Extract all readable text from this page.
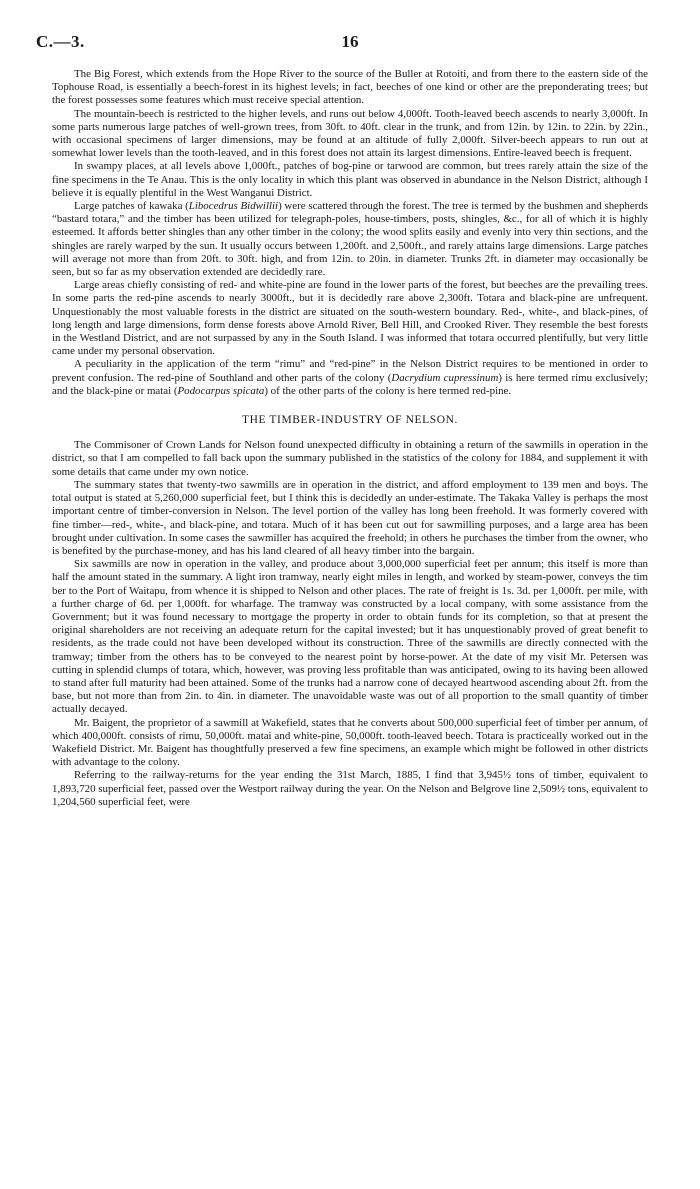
C.—3.	16

The Big Forest, which extends from the Hope River to the source of the Buller at Rotoiti, and from there to the eastern side of the Tophouse Road, is essentially a beech-forest in its highest levels; in fact, beeches of one kind or other are the preponderating trees; but the forest possesses some features which must receive special attention.

The mountain-beech is restricted to the higher levels, and runs out below 4,000ft. Tooth-leaved beech ascends to nearly 3,000ft. In some parts numerous large patches of well-grown trees, from 30ft. to 40ft. clear in the trunk, and from 12in. by 12in. to 22in. by 22in., with occasional specimens of larger dimensions, may be found at an altitude of fully 2,000ft. Silver-beech appears to run out at somewhat lower levels than the tooth-leaved, and in this forest does not attain its largest dimensions. Entire-leaved beech is frequent.

In swampy places, at all levels above 1,000ft., patches of bog-pine or tarwood are common, but trees rarely attain the size of the fine specimens in the Te Anau. This is the only locality in which this plant was observed in abundance in the Nelson District, although I believe it is equally plentiful in the West Wanganui District.

Large patches of kawaka (Libocedrus Bidwillii) were scattered through the forest. The tree is termed by the bushmen and shepherds “bastard totara,” and the timber has been utilized for telegraph-poles, house-timbers, posts, shingles, &c., for all of which it is highly esteemed. It affords better shingles than any other timber in the colony; the wood splits easily and evenly into very thin sections, and the shingles are rarely warped by the sun. It usually occurs between 1,200ft. and 2,500ft., and rarely attains large dimensions. Large patches will average not more than from 20ft. to 30ft. high, and from 12in. to 20in. in diameter. Trunks 2ft. in diameter may occasionally be seen, but so far as my observation extended are decidedly rare.

Large areas chiefly consisting of red- and white-pine are found in the lower parts of the forest, but beeches are the prevailing trees. In some parts the red-pine ascends to nearly 3000ft., but it is decidedly rare above 2,300ft. Totara and black-pine are unfrequent. Unquestionably the most valuable forests in the district are situated on the south-western boundary. Red-, white-, and black-pines, of long length and large dimensions, form dense forests above Arnold River, Bell Hill, and Crooked River. They resemble the best forests in the Westland District, and are not surpassed by any in the South Island. I was informed that totara occurred plentifully, but very little came under my personal observation.

A peculiarity in the application of the term “rimu” and “red-pine” in the Nelson District requires to be mentioned in order to prevent confusion. The red-pine of Southland and other parts of the colony (Dacrydium cupressinum) is here termed rimu exclusively; and the black-pine or matai (Podocarpus spicata) of the other parts of the colony is here termed red-pine.

THE TIMBER-INDUSTRY OF NELSON.

The Commisoner of Crown Lands for Nelson found unexpected difficulty in obtaining a return of the sawmills in operation in the district, so that I am compelled to fall back upon the summary published in the statistics of the colony for 1884, and supplement it with some details that came under my own notice.

The summary states that twenty-two sawmills are in operation in the district, and afford employment to 139 men and boys. The total output is stated at 5,260,000 superficial feet, but I think this is decidedly an under-estimate. The Takaka Valley is perhaps the most important centre of timber-conversion in Nelson. The level portion of the valley has long been freehold. It was formerly covered with fine timber—red-, white-, and black-pine, and totara. Much of it has been cut out for sawmilling purposes, and a large area has been brought under cultivation. In some cases the sawmiller has acquired the freehold; in others he purchases the timber from the owner, who is benefited by the purchase-money, and has his land cleared of all heavy timber into the bargain.

Six sawmills are now in operation in the valley, and produce about 3,000,000 superficial feet per annum; this itself is more than half the amount stated in the summary. A light iron tramway, nearly eight miles in length, and worked by steam-power, conveys the tim ber to the Port of Waitapu, from whence it is shipped to Nelson and other places. The rate of freight is 1s. 3d. per 1,000ft. per mile, with a further charge of 6d. per 1,000ft. for wharfage. The tramway was constructed by a local company, with some assistance from the Government; but it was found necessary to mortgage the property in order to obtain funds for its completion, so that at present the original shareholders are not receiving an adequate return for the capital invested; but it has unquestionably proved of great benefit to residents, as the trade could not have been developed without its construction. Three of the sawmills are directly connected with the tramway; timber from the others has to be conveyed to the nearest point by horse-power. At the date of my visit Mr. Petersen was cutting in splendid clumps of totara, which, however, was proving less profitable than was anticipated, owing to its having been allowed to stand after full maturity had been attained. Some of the trunks had a narrow cone of decayed heartwood ascending about 2ft. from the base, but not more than from 2in. to 4in. in diameter. The unavoidable waste was out of all proportion to the small quantity of timber actually decayed.

Mr. Baigent, the proprietor of a sawmill at Wakefield, states that he converts about 500,000 superficial feet of timber per annum, of which 400,000ft. consists of rimu, 50,000ft. matai and white-pine, 50,000ft. tooth-leaved beech. Totara is practiceally worked out in the Wakefield District. Mr. Baigent has thoughtfully preserved a few fine specimens, an example which might be followed in other districts with advantage to the colony.

Referring to the railway-returns for the year ending the 31st March, 1885, I find that 3,945½ tons of timber, equivalent to 1,893,720 superficial feet, passed over the Westport railway during the year. On the Nelson and Belgrove line 2,509½ tons, equivalent to 1,204,560 superficial feet, were
